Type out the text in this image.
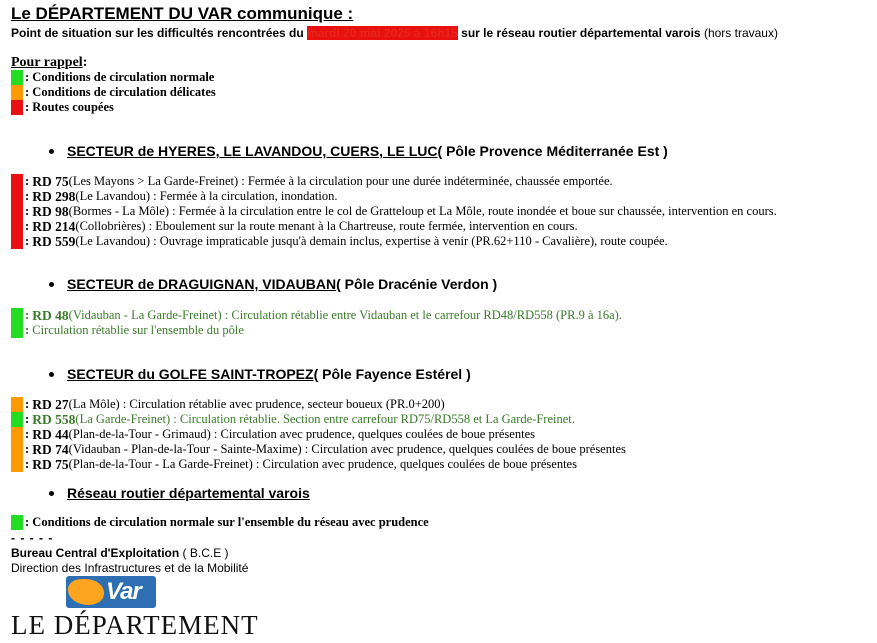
Le DÉPARTEMENT DU VAR communique :
Point de situation sur les difficultés rencontrées du mardi 20 mai 2025 à 16h15 sur le réseau routier départemental varois (hors travaux)
Pour rappel:
: Conditions de circulation normale
: Conditions de circulation délicates
: Routes coupées
SECTEUR de HYERES, LE LAVANDOU, CUERS, LE LUC ( Pôle Provence Méditerranée Est )
: RD 75 (Les Mayons > La Garde-Freinet) : Fermée à la circulation pour une durée indéterminée, chaussée emportée.
: RD 298 (Le Lavandou) : Fermée à la circulation, inondation.
: RD 98 (Bormes - La Môle) : Fermée à la circulation entre le col de Gratteloup et La Môle, route inondée et boue sur chaussée, intervention en cours.
: RD 214 (Collobrières) : Eboulement sur la route menant à la Chartreuse, route fermée, intervention en cours.
: RD 559 (Le Lavandou) : Ouvrage impraticable jusqu'à demain inclus, expertise à venir (PR.62+110 - Cavalière), route coupée.
SECTEUR de DRAGUIGNAN, VIDAUBAN ( Pôle Dracénie Verdon )
: RD 48 (Vidauban - La Garde-Freinet) : Circulation rétablie entre Vidauban et le carrefour RD48/RD558 (PR.9 à 16a).
: Circulation rétablie sur l'ensemble du pôle
SECTEUR du GOLFE SAINT-TROPEZ ( Pôle Fayence Estérel )
: RD 27 (La Môle) : Circulation rétablie avec prudence, secteur boueux (PR.0+200)
: RD 558 (La Garde-Freinet) : Circulation rétablie. Section entre carrefour RD75/RD558 et La Garde-Freinet.
: RD 44 (Plan-de-la-Tour - Grimaud) : Circulation avec prudence, quelques coulées de boue présentes
: RD 74 (Vidauban - Plan-de-la-Tour - Sainte-Maxime) : Circulation avec prudence, quelques coulées de boue présentes
: RD 75 (Plan-de-la-Tour - La Garde-Freinet) : Circulation avec prudence, quelques coulées de boue présentes
Réseau routier départemental varois
: Conditions de circulation normale sur l'ensemble du réseau avec prudence
- - - - -
Bureau Central d'Exploitation ( B.C.E )
Direction des Infrastructures et de la Mobilité
Var
LE DÉPARTEMENT
